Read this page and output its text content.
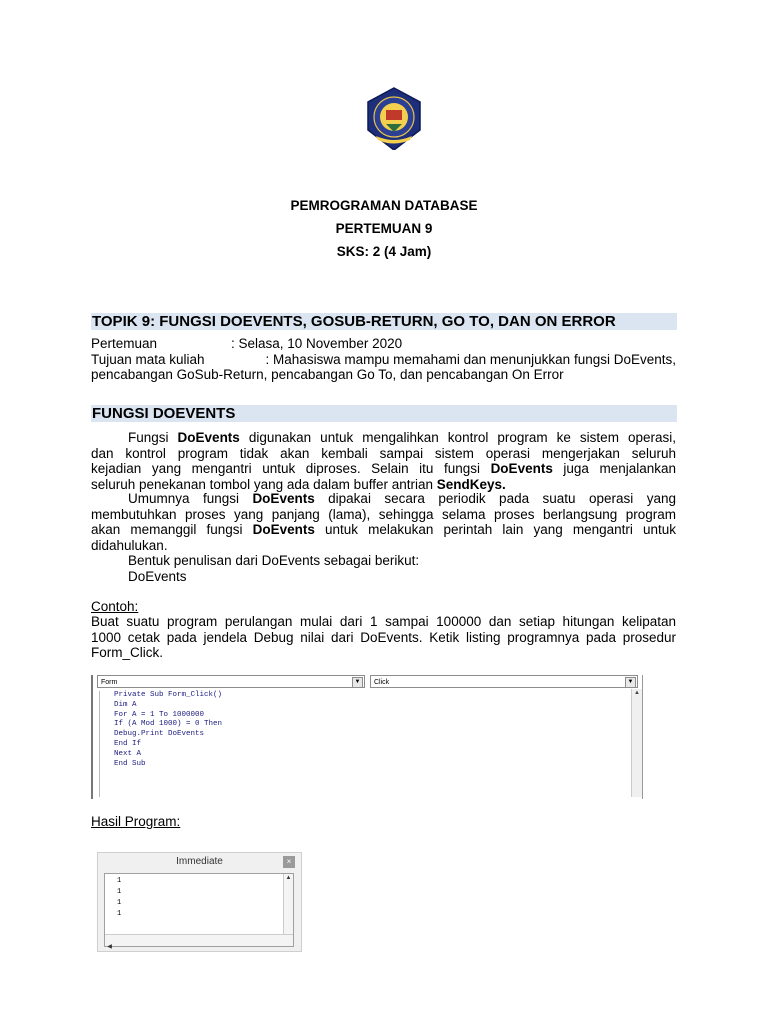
PEMROGRAMAN DATABASE
PERTEMUAN 9
SKS: 2 (4 Jam)
TOPIK 9: FUNGSI DOEVENTS, GOSUB-RETURN, GO TO, DAN ON ERROR
Pertemuan	: Selasa, 10 November 2020
Tujuan mata kuliah	: Mahasiswa mampu memahami dan menunjukkan fungsi DoEvents,
pencabangan GoSub-Return, pencabangan Go To, dan pencabangan On Error
FUNGSI DOEVENTS
Fungsi DoEvents digunakan untuk mengalihkan kontrol program ke sistem operasi,
dan kontrol program tidak akan kembali sampai sistem operasi mengerjakan seluruh
kejadian yang mengantri untuk diproses. Selain itu fungsi DoEvents juga menjalankan
seluruh penekanan tombol yang ada dalam buffer antrian SendKeys.
Umumnya fungsi DoEvents dipakai secara periodik pada suatu operasi yang
membutuhkan proses yang panjang (lama), sehingga selama proses berlangsung program
akan memanggil fungsi DoEvents untuk melakukan perintah lain yang mengantri untuk
didahulukan.
Bentuk penulisan dari DoEvents sebagai berikut:
DoEvents
Contoh:
Buat suatu program perulangan mulai dari 1 sampai 100000 dan setiap hitungan kelipatan
1000 cetak pada jendela Debug nilai dari DoEvents. Ketik listing programnya pada prosedur
Form_Click.
Form	▼	Click	▼
Private Sub Form_Click()
Dim A
For A = 1 To 1000000
If (A Mod 1000) = 0 Then
Debug.Print DoEvents
End If
Next A
End Sub
▲
Hasil Program:
Immediate	×
1
1
1
1
▲
◀
